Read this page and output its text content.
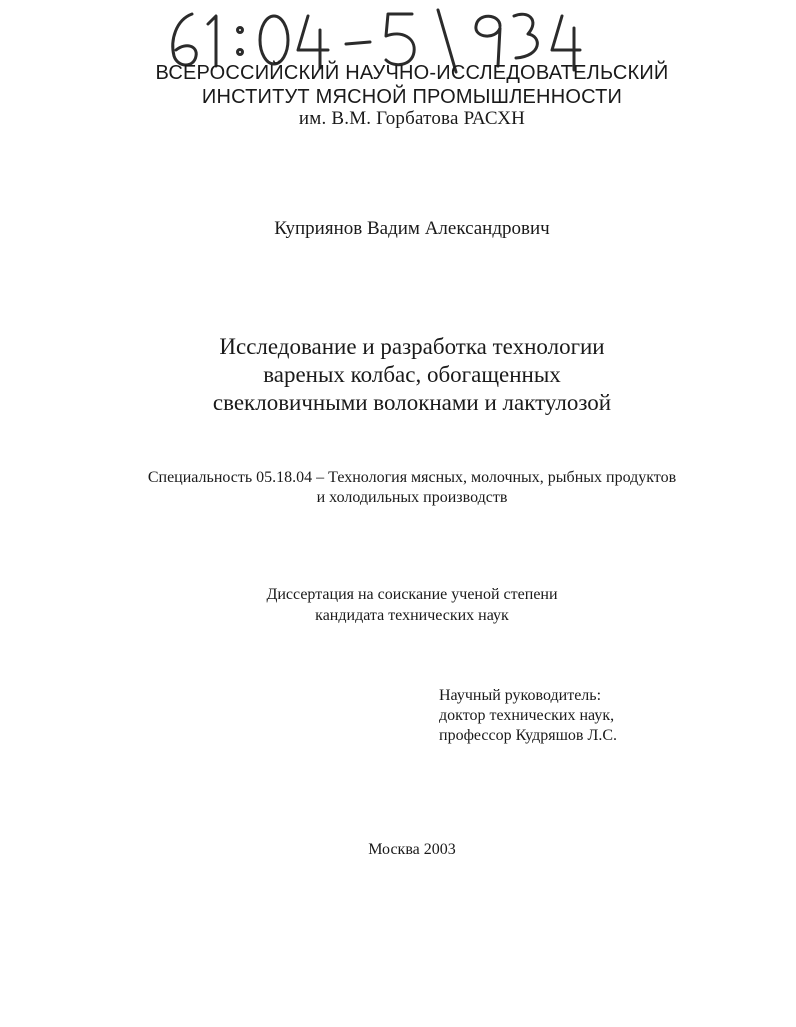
ВСЕРОССИЙСКИЙ НАУЧНО-ИССЛЕДОВАТЕЛЬСКИЙ
ИНСТИТУТ МЯСНОЙ ПРОМЫШЛЕННОСТИ
им. В.М. Горбатова РАСХН
Куприянов Вадим Александрович
Исследование и разработка технологии
вареных колбас, обогащенных
свекловичными волокнами и лактулозой
Специальность 05.18.04 – Технология мясных, молочных, рыбных продуктов
и холодильных производств
Диссертация на соискание ученой степени
кандидата технических наук
Научный руководитель:
доктор технических наук,
профессор Кудряшов Л.С.
Москва 2003
